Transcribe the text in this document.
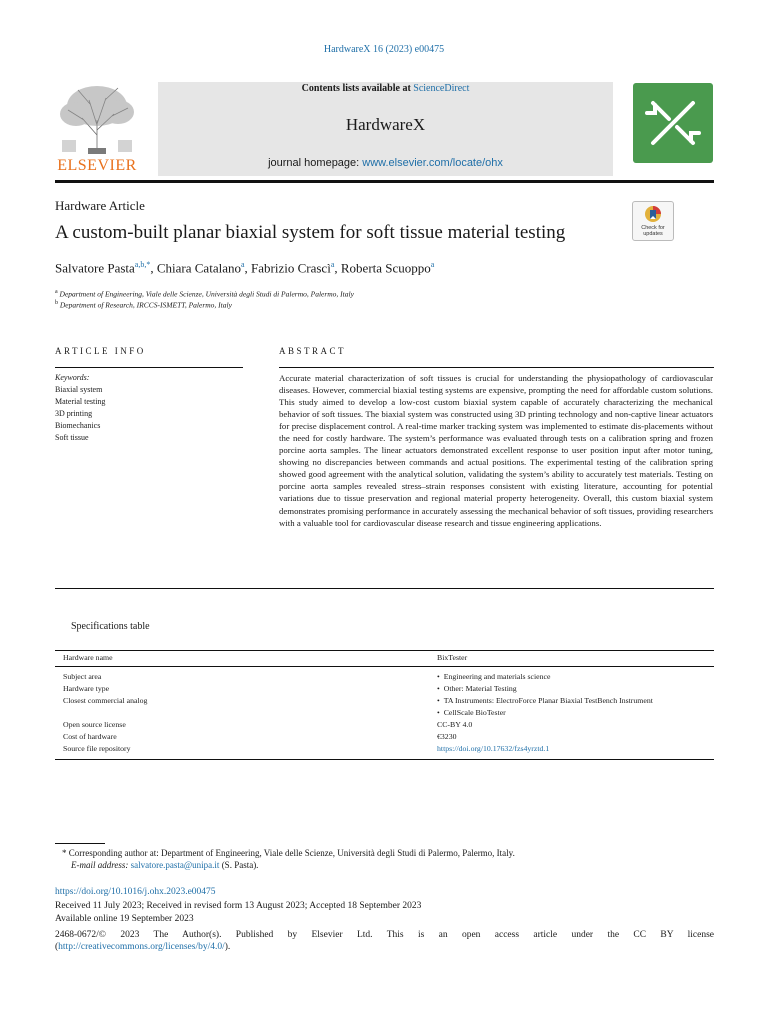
HardwareX 16 (2023) e00475
ELSEVIER
Contents lists available at ScienceDirect
HardwareX
journal homepage: www.elsevier.com/locate/ohx
Hardware Article
A custom-built planar biaxial system for soft tissue material testing	Check for
updates
Salvatore Pasta$^{a,b,*}$, Chiara Catalano$^a$, Fabrizio Crascì$^a$, Roberta Scuoppo$^a$
$^a$ Department of Engineering, Viale delle Scienze, Università degli Studi di Palermo, Palermo, Italy
$^b$ Department of Research, IRCCS-ISMETT, Palermo, Italy
ARTICLE INFO	ABSTRACT
Keywords:
Biaxial system
Material testing
3D printing
Biomechanics
Soft tissue

Accurate material characterization of soft tissues is crucial for understanding the physiopathology of cardiovascular diseases. However, commercial biaxial testing systems are expensive, prompting the need for affordable custom solutions. This study aimed to develop a low-cost custom biaxial system capable of accurately characterizing the mechanical behavior of soft tissues. The biaxial system was constructed using 3D printing technology and non-captive linear actuators for precise displacement control. A real-time marker tracking system was implemented to estimate dis-placements without the need for costly hardware. The system’s performance was evaluated through tests on a calibration spring and frozen porcine aorta samples. The linear actuators demonstrated excellent response to user position input after motor tuning, showing no discrepancies between commands and actual positions. The experimental testing of the calibration spring showed good agreement with the analytical solution, validating the system’s ability to accurately test materials. Testing on porcine aorta samples revealed stress–strain responses consistent with existing literature, accounting for potential variations due to tissue preservation and regional material property heterogeneity. Overall, this custom biaxial system demonstrates promising performance in accurately assessing the mechanical behavior of soft tissues, providing researchers with a valuable tool for cardiovascular disease research and tissue engineering applications.

Specifications table
Hardware name	BixTester
Subject area	• Engineering and materials science
Hardware type	• Other: Material Testing
Closest commercial analog	• TA Instruments: ElectroForce Planar Biaxial TestBench Instrument
• CellScale BioTester

Open source license	CC-BY 4.0
Cost of hardware	€3230
Source file repository	https://doi.org/10.17632/fzs4yrztd.1
* Corresponding author at: Department of Engineering, Viale delle Scienze, Università degli Studi di Palermo, Palermo, Italy.
E-mail address: salvatore.pasta@unipa.it (S. Pasta).
https://doi.org/10.1016/j.ohx.2023.e00475
Received 11 July 2023; Received in revised form 13 August 2023; Accepted 18 September 2023
Available online 19 September 2023
2468-0672/© 2023 The Author(s). Published by Elsevier Ltd. This is an open access article under the CC BY license
(http://creativecommons.org/licenses/by/4.0/).
